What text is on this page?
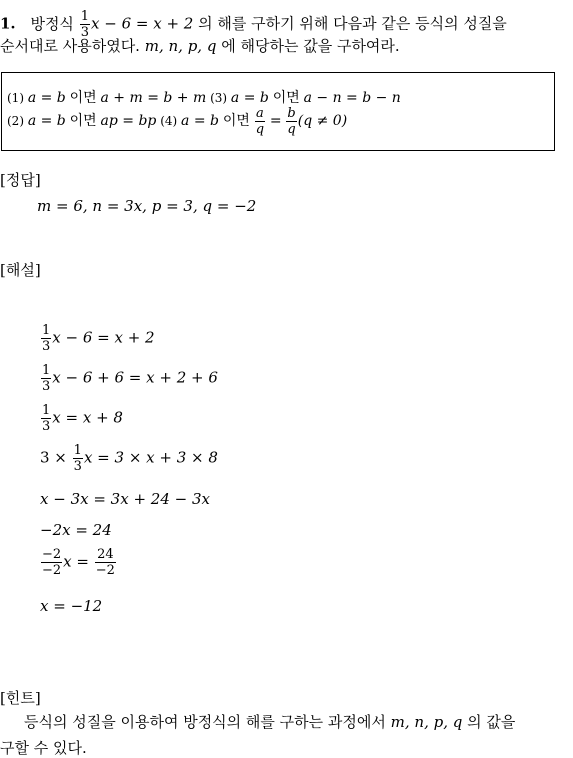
1. 방정식 $\frac{1}{3}$ x − 6 = x + 2 의 해를 구하기 위해 다음과 같은 등식의 성질을
순서대로 사용하였다. m, n, p, q 에 해당하는 값을 구하여라.
(1) a = b 이면 a + m = b + m (3) a = b 이면 a − n = b − n
(2) a = b 이면 ap = bp (4) a = b 이면 $\frac{a}{q} = \frac{b}{q} (q \ne 0)$
[정답]
m = 6, n = 3x, p = 3, q = −2
[해설]
$\frac{1}{3}$ x − 6 = x + 2
$\frac{1}{3}$ x − 6 + 6 = x + 2 + 6
$\frac{1}{3}$ x = x + 8
$3 \times \frac{1}{3}$ x = 3 × x + 3 × 8
x − 3x = 3x + 24 − 3x
−2x = 24
$\frac{-2}{-2}$ $x = \frac{24}{-2}$
x = −12
[힌트]
등식의 성질을 이용하여 방정식의 해를 구하는 과정에서 m, n, p, q 의 값을
구할 수 있다.
